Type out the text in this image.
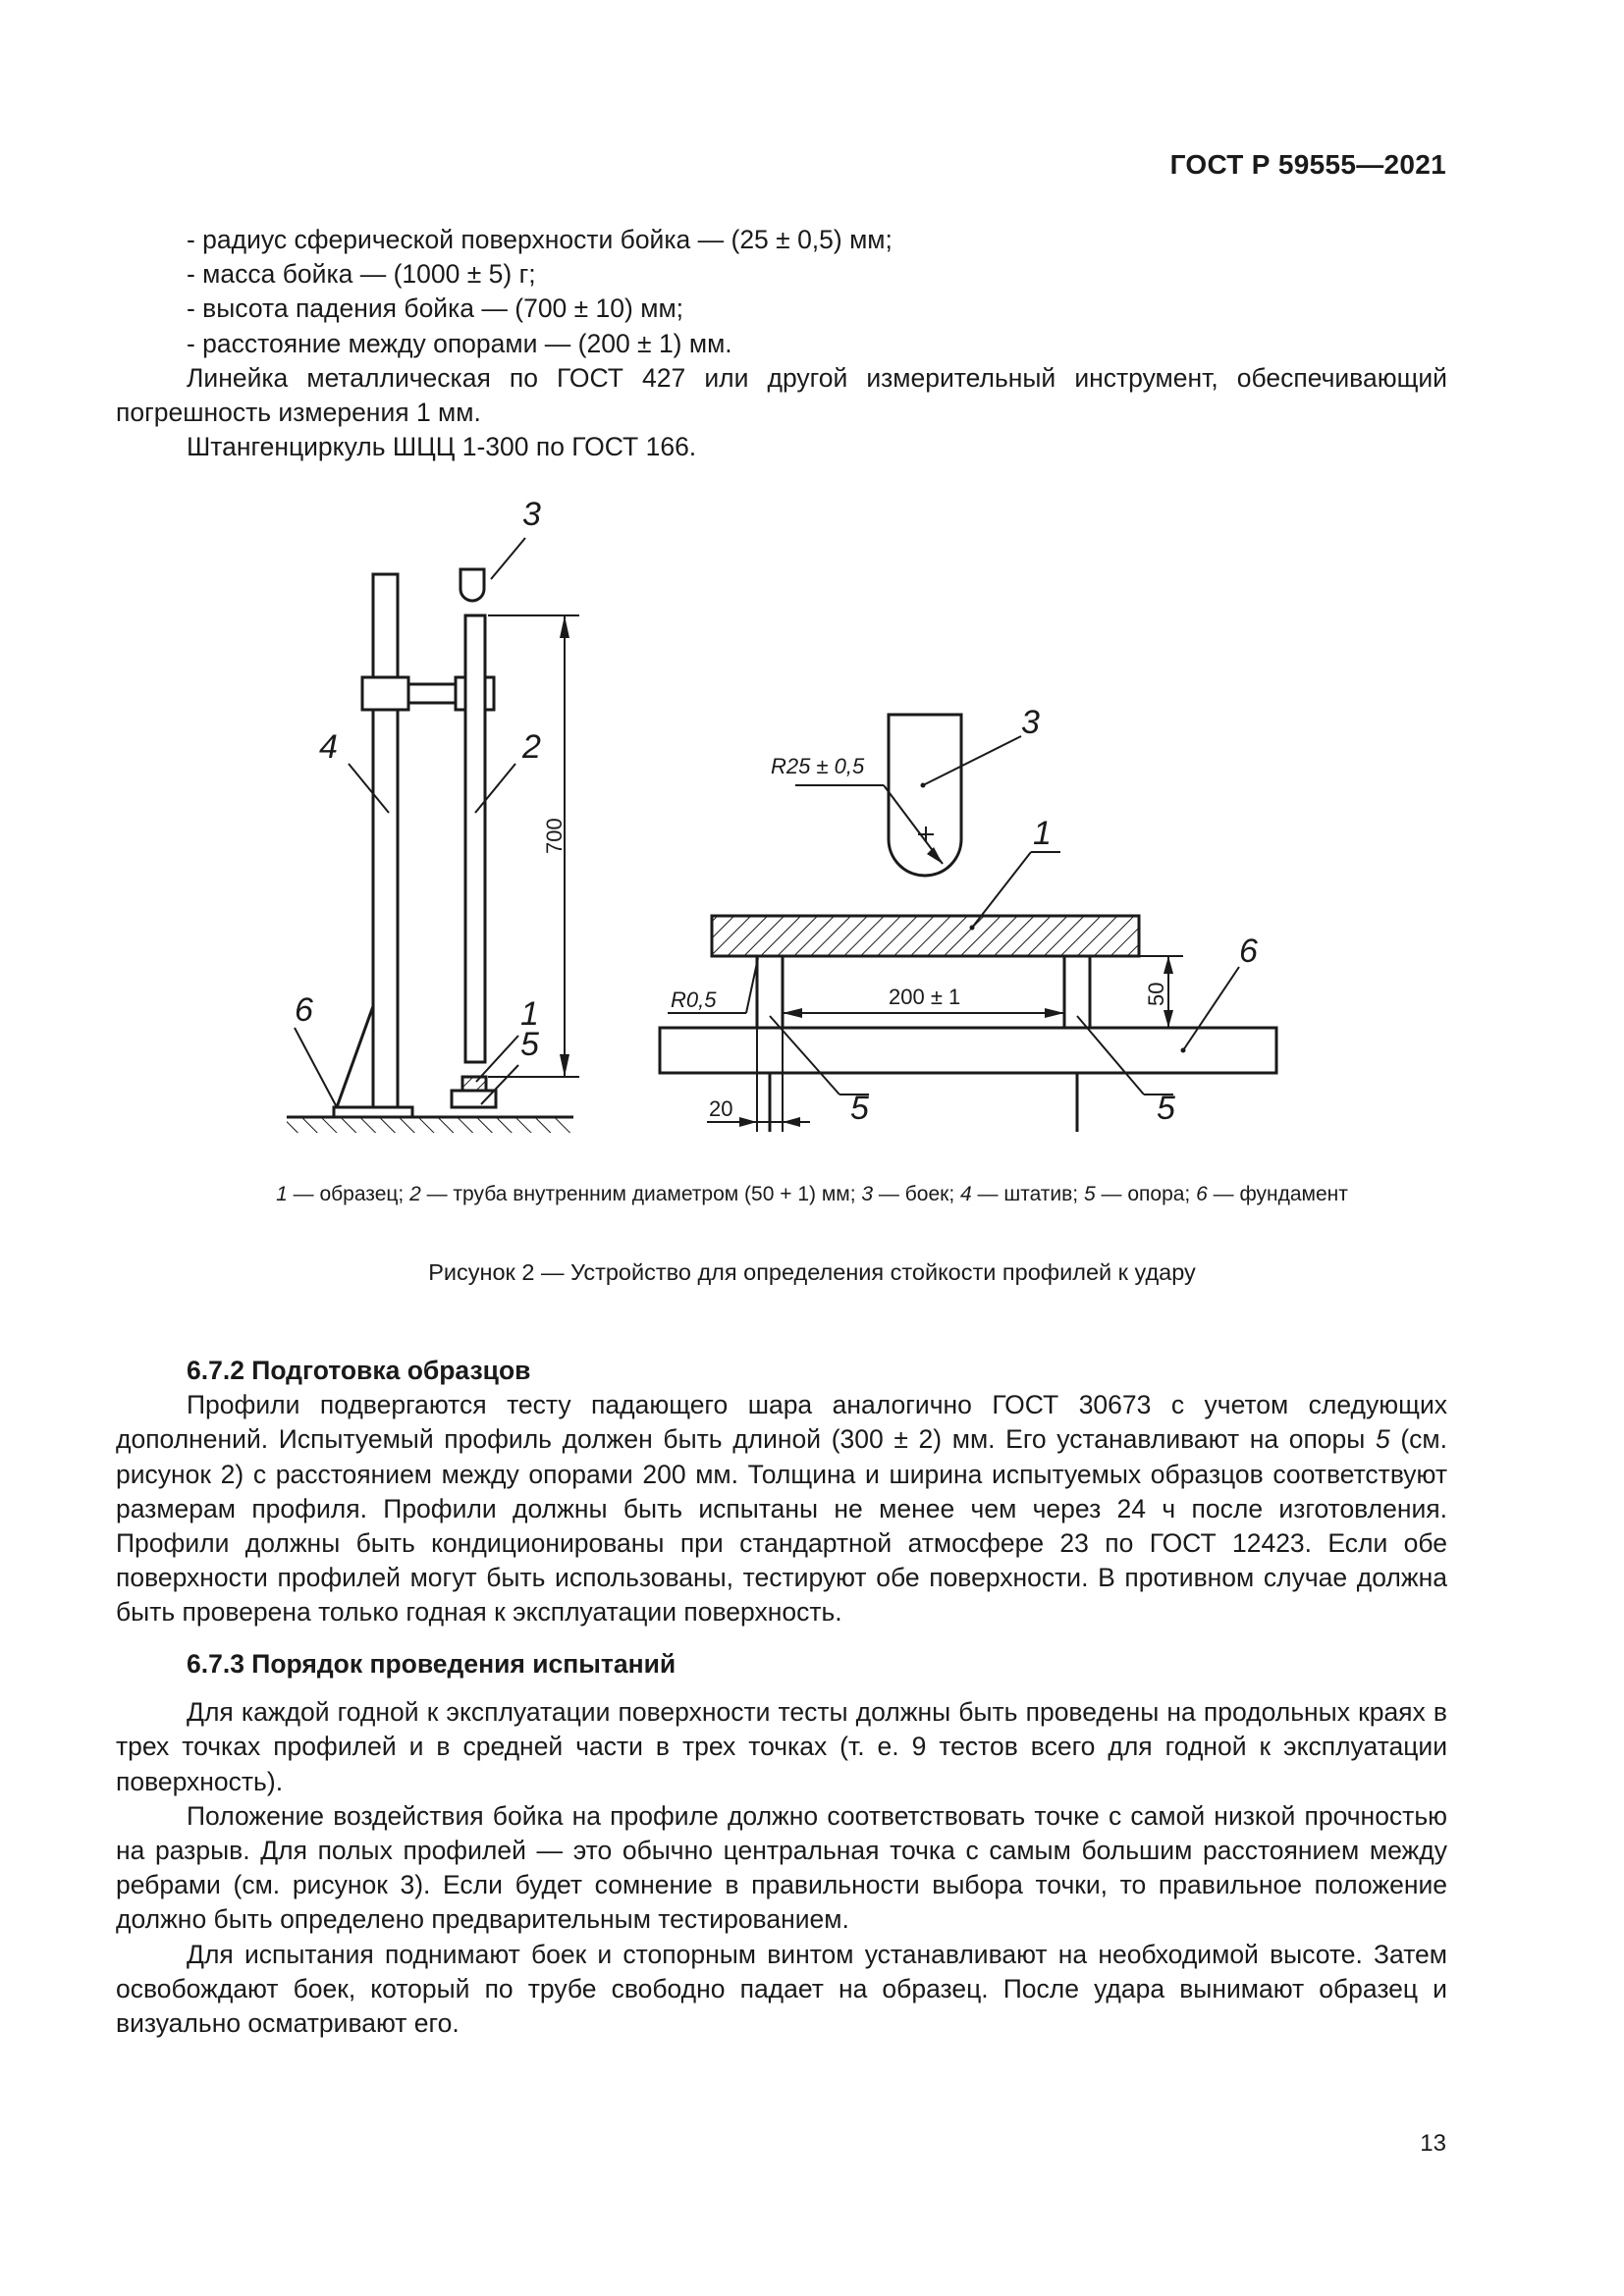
ГОСТ Р 59555—2021

- радиус сферической поверхности бойка — (25 ± 0,5) мм;

- масса бойка — (1000 ± 5) г;

- высота падения бойка — (700 ± 10) мм;

- расстояние между опорами — (200 ± 1) мм.

Линейка металлическая по ГОСТ 427 или другой измерительный инструмент, обеспечивающий погрешность измерения 1 мм.

Штангенциркуль ШЦЦ 1-300 по ГОСТ 166.

6.7.2 Подготовка образцов

Профили подвергаются тесту падающего шара аналогично ГОСТ 30673 с учетом следующих дополнений. Испытуемый профиль должен быть длиной (300 ± 2) мм. Его устанавливают на опоры 5 (см. рисунок 2) с расстоянием между опорами 200 мм. Толщина и ширина испытуемых образцов соответствуют размерам профиля. Профили должны быть испытаны не менее чем через 24 ч после изготовления. Профили должны быть кондиционированы при стандартной атмосфере 23 по ГОСТ 12423. Если обе поверхности профилей могут быть использованы, тестируют обе поверхности. В противном случае должна быть проверена только годная к эксплуатации поверхность.

6.7.3 Порядок проведения испытаний

Для каждой годной к эксплуатации поверхности тесты должны быть проведены на продольных краях в трех точках профилей и в средней части в трех точках (т. е. 9 тестов всего для годной к эксплуатации поверхность).

Положение воздействия бойка на профиле должно соответствовать точке с самой низкой прочностью на разрыв. Для полых профилей — это обычно центральная точка с самым большим расстоянием между ребрами (см. рисунок 3). Если будет сомнение в правильности выбора точки, то правильное положение должно быть определено предварительным тестированием.

Для испытания поднимают боек и стопорным винтом устанавливают на необходимой высоте. Затем освобождают боек, который по трубе свободно падает на образец. После удара вынимают образец и визуально осматривают его.

3
4	2
6	1
5
3
1
6
5	5
700
R25 ± 0,5
R0,5	200 ± 1	50
20
1 — образец; 2 — труба внутренним диаметром (50 + 1) мм; 3 — боек; 4 — штатив; 5 — опора; 6 — фундамент
Рисунок 2 — Устройство для определения стойкости профилей к удару
13
